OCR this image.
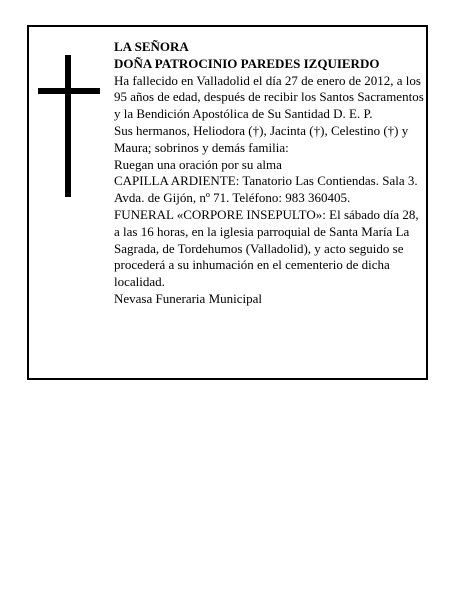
LA SEÑORA

DOÑA PATROCINIO PAREDES IZQUIERDO

Ha fallecido en Valladolid el día 27 de enero de 2012, a los 95 años de edad, después de recibir los Santos Sacramentos y la Bendición Apostólica de Su Santidad D. E. P.

Sus hermanos, Heliodora (†), Jacinta (†), Celestino (†) y Maura; sobrinos y demás familia:

Ruegan una oración por su alma

CAPILLA ARDIENTE: Tanatorio Las Contiendas. Sala 3. Avda. de Gijón, nº 71. Teléfono: 983 360405.

FUNERAL «CORPORE INSEPULTO»: El sábado día 28, a las 16 horas, en la iglesia parroquial de Santa María La Sagrada, de Tordehumos (Valladolid), y acto seguido se procederá a su inhumación en el cementerio de dicha localidad.

Nevasa Funeraria Municipal
